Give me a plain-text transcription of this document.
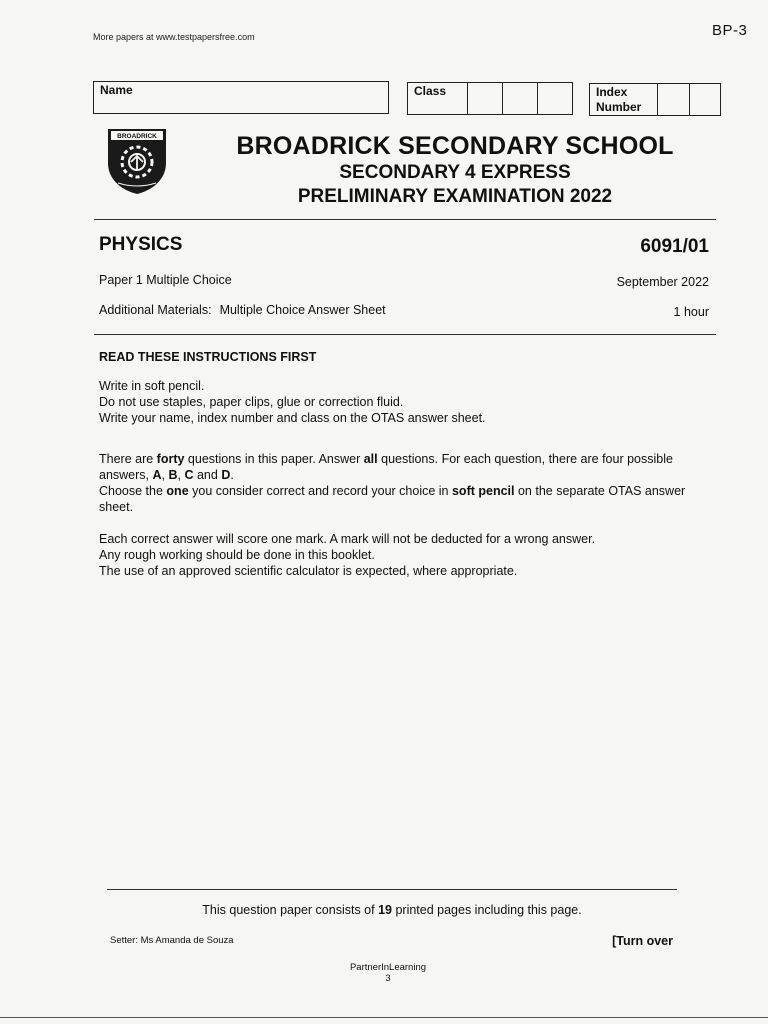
More papers at www.testpapersfree.com	BP-3
Name	Class	Index
Number
BROADRICK	BROADRICK SECONDARY SCHOOL
SECONDARY 4 EXPRESS
PRELIMINARY EXAMINATION 2022
PHYSICS	6091/01
Paper 1 Multiple Choice	September 2022
Additional Materials: Multiple Choice Answer Sheet	1 hour
READ THESE INSTRUCTIONS FIRST
Write in soft pencil.
Do not use staples, paper clips, glue or correction fluid.
Write your name, index number and class on the OTAS answer sheet.
There are forty questions in this paper. Answer all questions. For each question, there are four possible answers, A, B, C and D.
Choose the one you consider correct and record your choice in soft pencil on the separate OTAS answer sheet.
Each correct answer will score one mark. A mark will not be deducted for a wrong answer.
Any rough working should be done in this booklet.
The use of an approved scientific calculator is expected, where appropriate.
This question paper consists of 19 printed pages including this page.
Setter: Ms Amanda de Souza	[Turn over
PartnerInLearning
3
